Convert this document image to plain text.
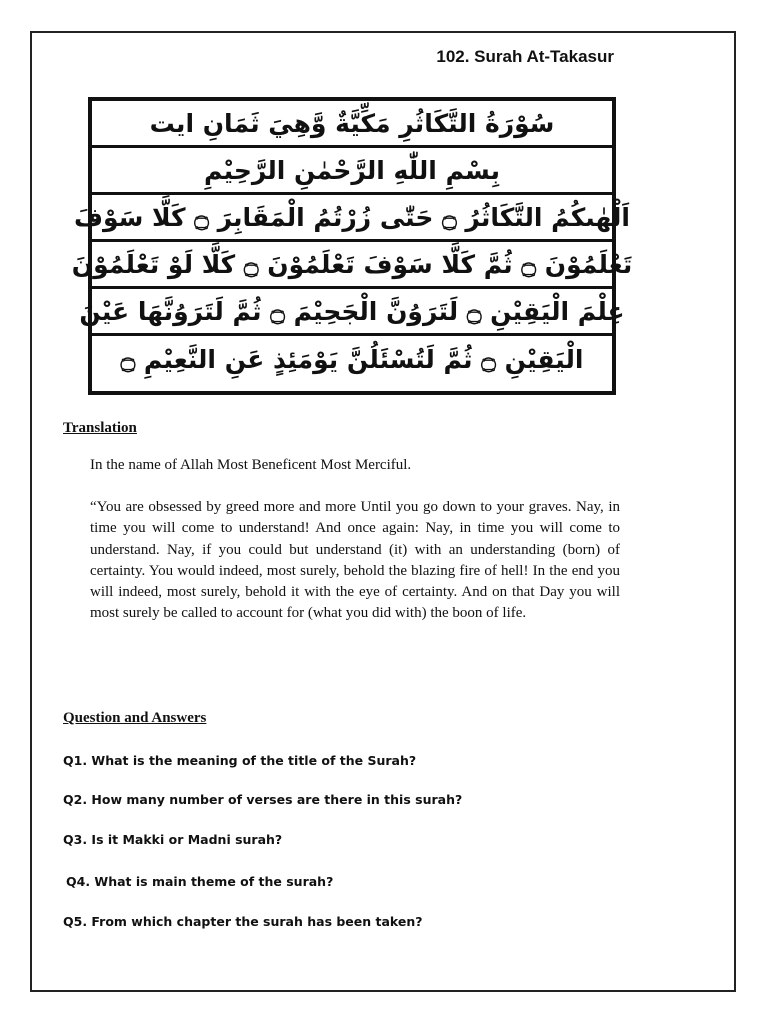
102. Surah At-Takasur
سُوْرَةُ التَّكَاثُرِ مَكِّيَّةٌ وَّهِيَ ثَمَانِ ايت
بِسْمِ اللّٰهِ الرَّحْمٰنِ الرَّحِيْمِ
اَلْهٰىكُمُ التَّكَاثُرُ ۝ حَتّٰى زُرْتُمُ الْمَقَابِرَ ۝ كَلَّا سَوْفَ
تَعْلَمُوْنَ ۝ ثُمَّ كَلَّا سَوْفَ تَعْلَمُوْنَ ۝ كَلَّا لَوْ تَعْلَمُوْنَ
عِلْمَ الْيَقِيْنِ ۝ لَتَرَوُنَّ الْجَحِيْمَ ۝ ثُمَّ لَتَرَوُنَّهَا عَيْنَ
الْيَقِيْنِ ۝ ثُمَّ لَتُسْئَلُنَّ يَوْمَئِذٍ عَنِ النَّعِيْمِ ۝
Translation

In the name of Allah Most Beneficent Most Merciful.

“You are obsessed by greed more and more Until you go down to your graves. Nay, in time you will come to understand! And once again: Nay, in time you will come to understand. Nay, if you could but understand (it) with an understanding (born) of certainty. You would indeed, most surely, behold the blazing fire of hell! In the end you will indeed, most surely, behold it with the eye of certainty. And on that Day you will most surely be called to account for (what you did with) the boon of life.

Question and Answers
Q1. What is the meaning of the title of the Surah?
Q2. How many number of verses are there in this surah?
Q3. Is it Makki or Madni surah?
Q4. What is main theme of the surah?
Q5. From which chapter the surah has been taken?
